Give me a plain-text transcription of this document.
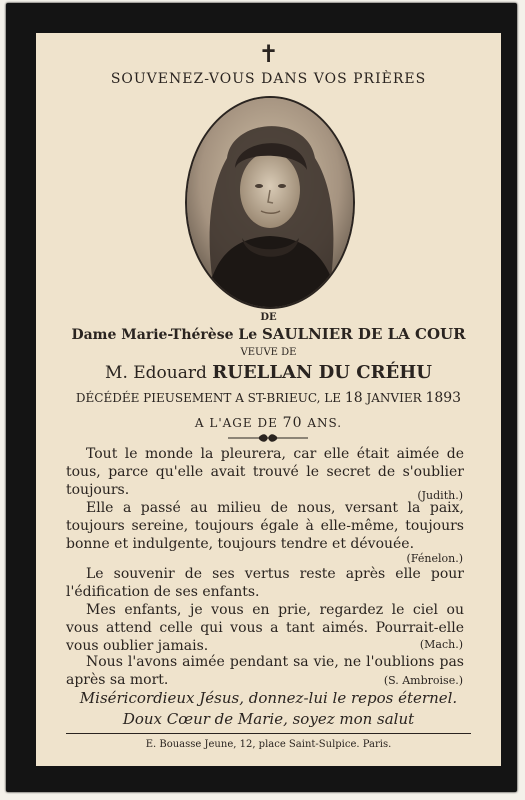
✝
SOUVENEZ-VOUS DANS VOS PRIÈRES
DE
Dame Marie-Thérèse Le SAULNIER DE LA COUR
VEUVE DE
M. Edouard RUELLAN DU CRÉHU
DÉCÉDÉE PIEUSEMENT A ST-BRIEUC, LE 18 JANVIER 1893
A L'AGE DE 70 ANS.
Tout le monde la pleurera, car elle était aimée de tous, parce qu'elle avait trouvé le secret de s'oublier toujours.	(Judith.)
Elle a passé au milieu de nous, versant la paix, toujours sereine, toujours égale à elle-même, toujours bonne et indulgente, toujours tendre et dévouée.
(Fénelon.)
Le souvenir de ses vertus reste après elle pour l'édification de ses enfants.
Mes enfants, je vous en prie, regardez le ciel ou vous attend celle qui vous a tant aimés. Pourrait-elle vous oublier jamais.	(Mach.)
Nous l'avons aimée pendant sa vie, ne l'oublions pas après sa mort.	(S. Ambroise.)
Miséricordieux Jésus, donnez-lui le repos éternel.
Doux Cœur de Marie, soyez mon salut
E. Bouasse Jeune, 12, place Saint-Sulpice. Paris.
